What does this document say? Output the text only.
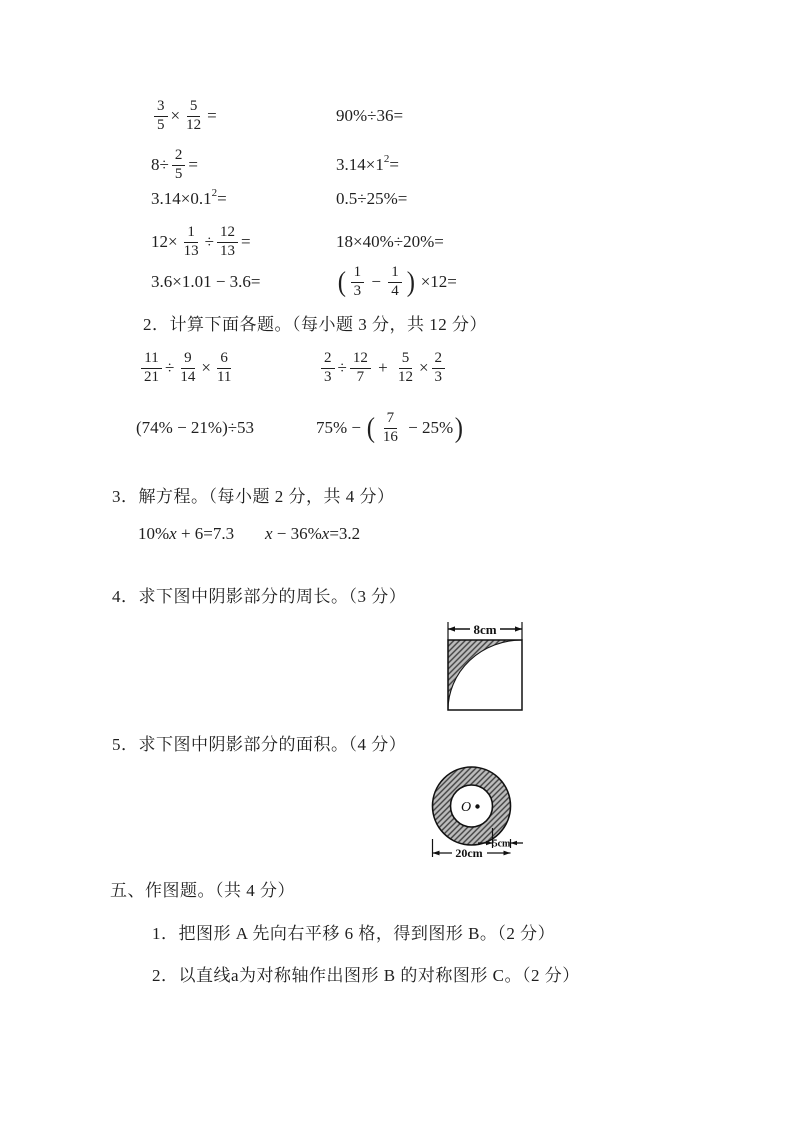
$\frac{3}{5} \times \frac{5}{12}$ =	90%÷36=
$8\div \frac{2}{5}$ =	$3.14\times 1^2$ =
$3.14\times 0.1^2$ =	0.5÷25%=
$12\times \frac{1}{13} \div \frac{12}{13}$ =	18×40%÷20%=
3.6×1.01 − 3.6=	( $\frac{1}{3} - \frac{1}{4}$ ) ×12=
2．计算下面各题。（每小题 3 分，共 12 分）
$\frac{11}{21} \div \frac{9}{14} \times \frac{6}{11}$	$\frac{2}{3} \div \frac{12}{7} + \frac{5}{12} \times \frac{2}{3}$
(74% − 21%)÷53	75% − ( $\frac{7}{16} - 25\%$ )
3．解方程。（每小题 2 分，共 4 分）
10% x + 6=7.3 x − 36% x =3.2
4．求下图中阴影部分的周长。（3 分）
8cm
5．求下图中阴影部分的面积。（4 分）
O
5cm
20cm
五、作图题。（共 4 分）
1．把图形 A 先向右平移 6 格，得到图形 B。（2 分）
2．以直线a为对称轴作出图形 B 的对称图形 C。（2 分）
